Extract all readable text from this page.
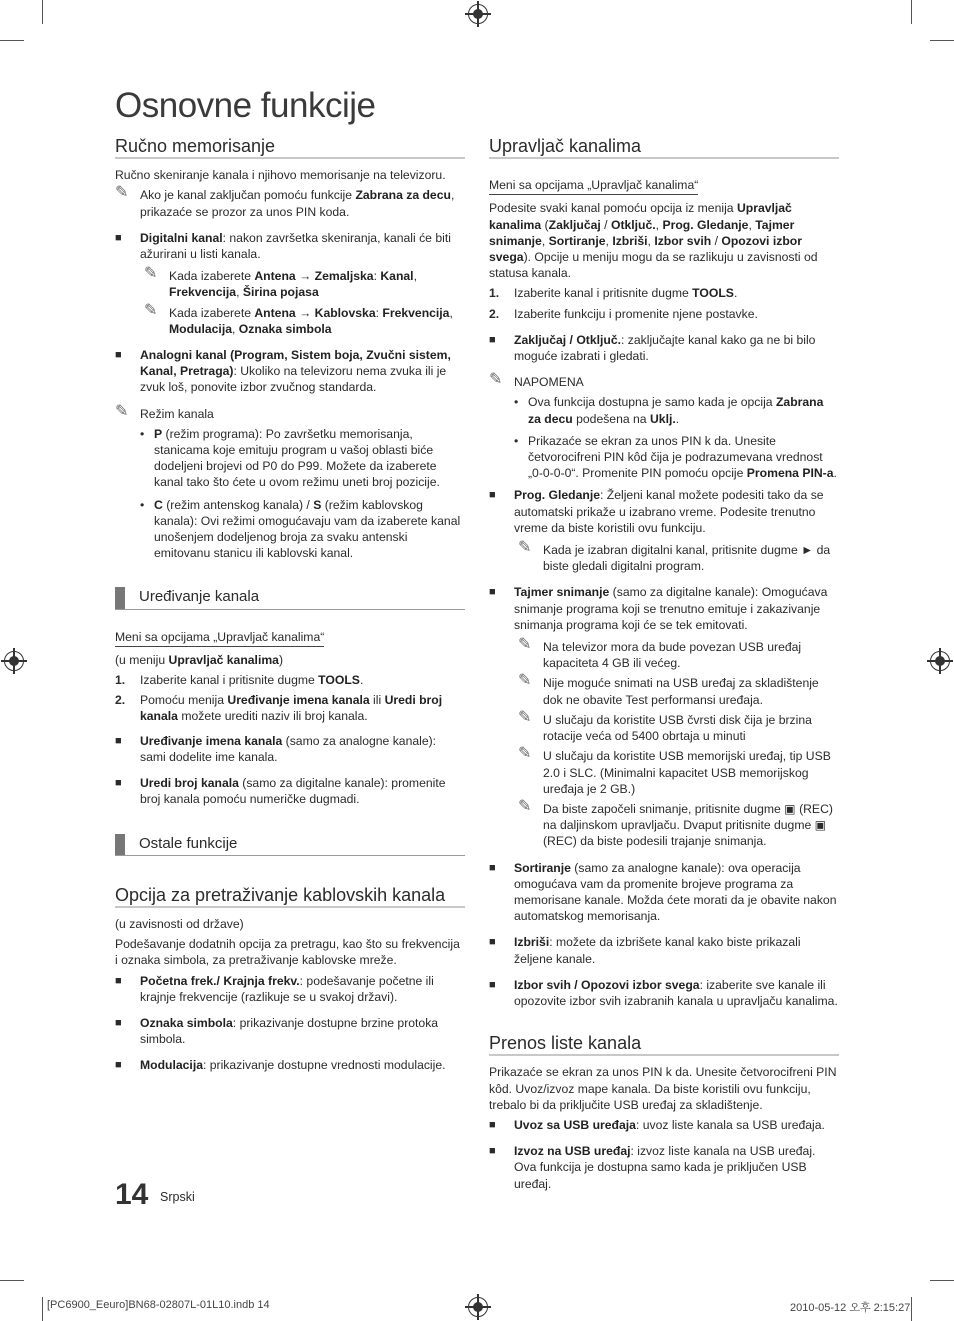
Osnovne funkcije
Ručno memorisanje

Ručno skeniranje kanala i njihovo memorisanje na televizoru.

✎ Ako je kanal zaključan pomoću funkcije Zabrana za decu, prikazaće se prozor za unos PIN koda.
■ Digitalni kanal: nakon završetka skeniranja, kanali će biti ažurirani u listi kanala.
✎ Kada izaberete Antena → Zemaljska: Kanal, Frekvencija, Širina pojasa
✎ Kada izaberete Antena → Kablovska: Frekvencija, Modulacija, Oznaka simbola
■ Analogni kanal (Program, Sistem boja, Zvučni sistem, Kanal, Pretraga): Ukoliko na televizoru nema zvuka ili je zvuk loš, ponovite izbor zvučnog standarda.
✎ Režim kanala
• P (režim programa): Po završetku memorisanja, stanicama koje emituju program u vašoj oblasti biće dodeljeni brojevi od P0 do P99. Možete da izaberete kanal tako što ćete u ovom režimu uneti broj pozicije.
• C (režim antenskog kanala) / S (režim kablovskog kanala): Ovi režimi omogućavaju vam da izaberete kanal unošenjem dodeljenog broja za svaku antenski emitovanu stanicu ili kablovski kanal.
Uređivanje kanala
Meni sa opcijama „Upravljač kanalima“

(u meniju Upravljač kanalima)

1. Izaberite kanal i pritisnite dugme TOOLS.
2. Pomoću menija Uređivanje imena kanala ili Uredi broj kanala možete urediti naziv ili broj kanala.
■ Uređivanje imena kanala (samo za analogne kanale): sami dodelite ime kanala.
■ Uredi broj kanala (samo za digitalne kanale): promenite broj kanala pomoću numeričke dugmadi.
Ostale funkcije
Opcija za pretraživanje kablovskih kanala

(u zavisnosti od države)

Podešavanje dodatnih opcija za pretragu, kao što su frekvencija i oznaka simbola, za pretraživanje kablovske mreže.

■ Početna frek./ Krajnja frekv.: podešavanje početne ili krajnje frekvencije (razlikuje se u svakoj državi).
■ Oznaka simbola: prikazivanje dostupne brzine protoka simbola.
■ Modulacija: prikazivanje dostupne vrednosti modulacije.
Upravljač kanalima
Meni sa opcijama „Upravljač kanalima“

Podesite svaki kanal pomoću opcija iz menija Upravljač kanalima (Zaključaj / Otključ., Prog. Gledanje, Tajmer snimanje, Sortiranje, Izbriši, Izbor svih / Opozovi izbor svega). Opcije u meniju mogu da se razlikuju u zavisnosti od statusa kanala.

1. Izaberite kanal i pritisnite dugme TOOLS.
2. Izaberite funkciju i promenite njene postavke.
■ Zaključaj / Otključ.: zaključajte kanal kako ga ne bi bilo moguće izabrati i gledati.
✎ NAPOMENA
• Ova funkcija dostupna je samo kada je opcija Zabrana za decu podešena na Uklj..
• Prikazaće se ekran za unos PIN k da. Unesite četvorocifreni PIN kôd čija je podrazumevana vrednost „0-0-0-0“. Promenite PIN pomoću opcije Promena PIN-a.
■ Prog. Gledanje: Željeni kanal možete podesiti tako da se automatski prikaže u izabrano vreme. Podesite trenutno vreme da biste koristili ovu funkciju.
✎ Kada je izabran digitalni kanal, pritisnite dugme ► da biste gledali digitalni program.
■ Tajmer snimanje (samo za digitalne kanale): Omogućava snimanje programa koji se trenutno emituje i zakazivanje snimanja programa koji će se tek emitovati.
✎ Na televizor mora da bude povezan USB uređaj kapaciteta 4 GB ili većeg.
✎ Nije moguće snimati na USB uređaj za skladištenje dok ne obavite Test performansi uređaja.
✎ U slučaju da koristite USB čvrsti disk čija je brzina rotacije veća od 5400 obrtaja u minuti
✎ U slučaju da koristite USB memorijski uređaj, tip USB 2.0 i SLC. (Minimalni kapacitet USB memorijskog uređaja je 2 GB.)
✎ Da biste započeli snimanje, pritisnite dugme ▣ (REC) na daljinskom upravljaču. Dvaput pritisnite dugme ▣ (REC) da biste podesili trajanje snimanja.
■ Sortiranje (samo za analogne kanale): ova operacija omogućava vam da promenite brojeve programa za memorisane kanale. Možda ćete morati da je obavite nakon automatskog memorisanja.
■ Izbriši: možete da izbrišete kanal kako biste prikazali željene kanale.
■ Izbor svih / Opozovi izbor svega: izaberite sve kanale ili opozovite izbor svih izabranih kanala u upravljaču kanalima.
Prenos liste kanala

Prikazaće se ekran za unos PIN k da. Unesite četvorocifreni PIN kôd. Uvoz/izvoz mape kanala. Da biste koristili ovu funkciju, trebalo bi da priključite USB uređaj za skladištenje.

■ Uvoz sa USB uređaja: uvoz liste kanala sa USB uređaja.
■ Izvoz na USB uređaj: izvoz liste kanala na USB uređaj. Ova funkcija je dostupna samo kada je priključen USB uređaj.
14 Srpski
[PC6900_Eeuro]BN68-02807L-01L10.indb 14	2010-05-12 오후 2:15:27
